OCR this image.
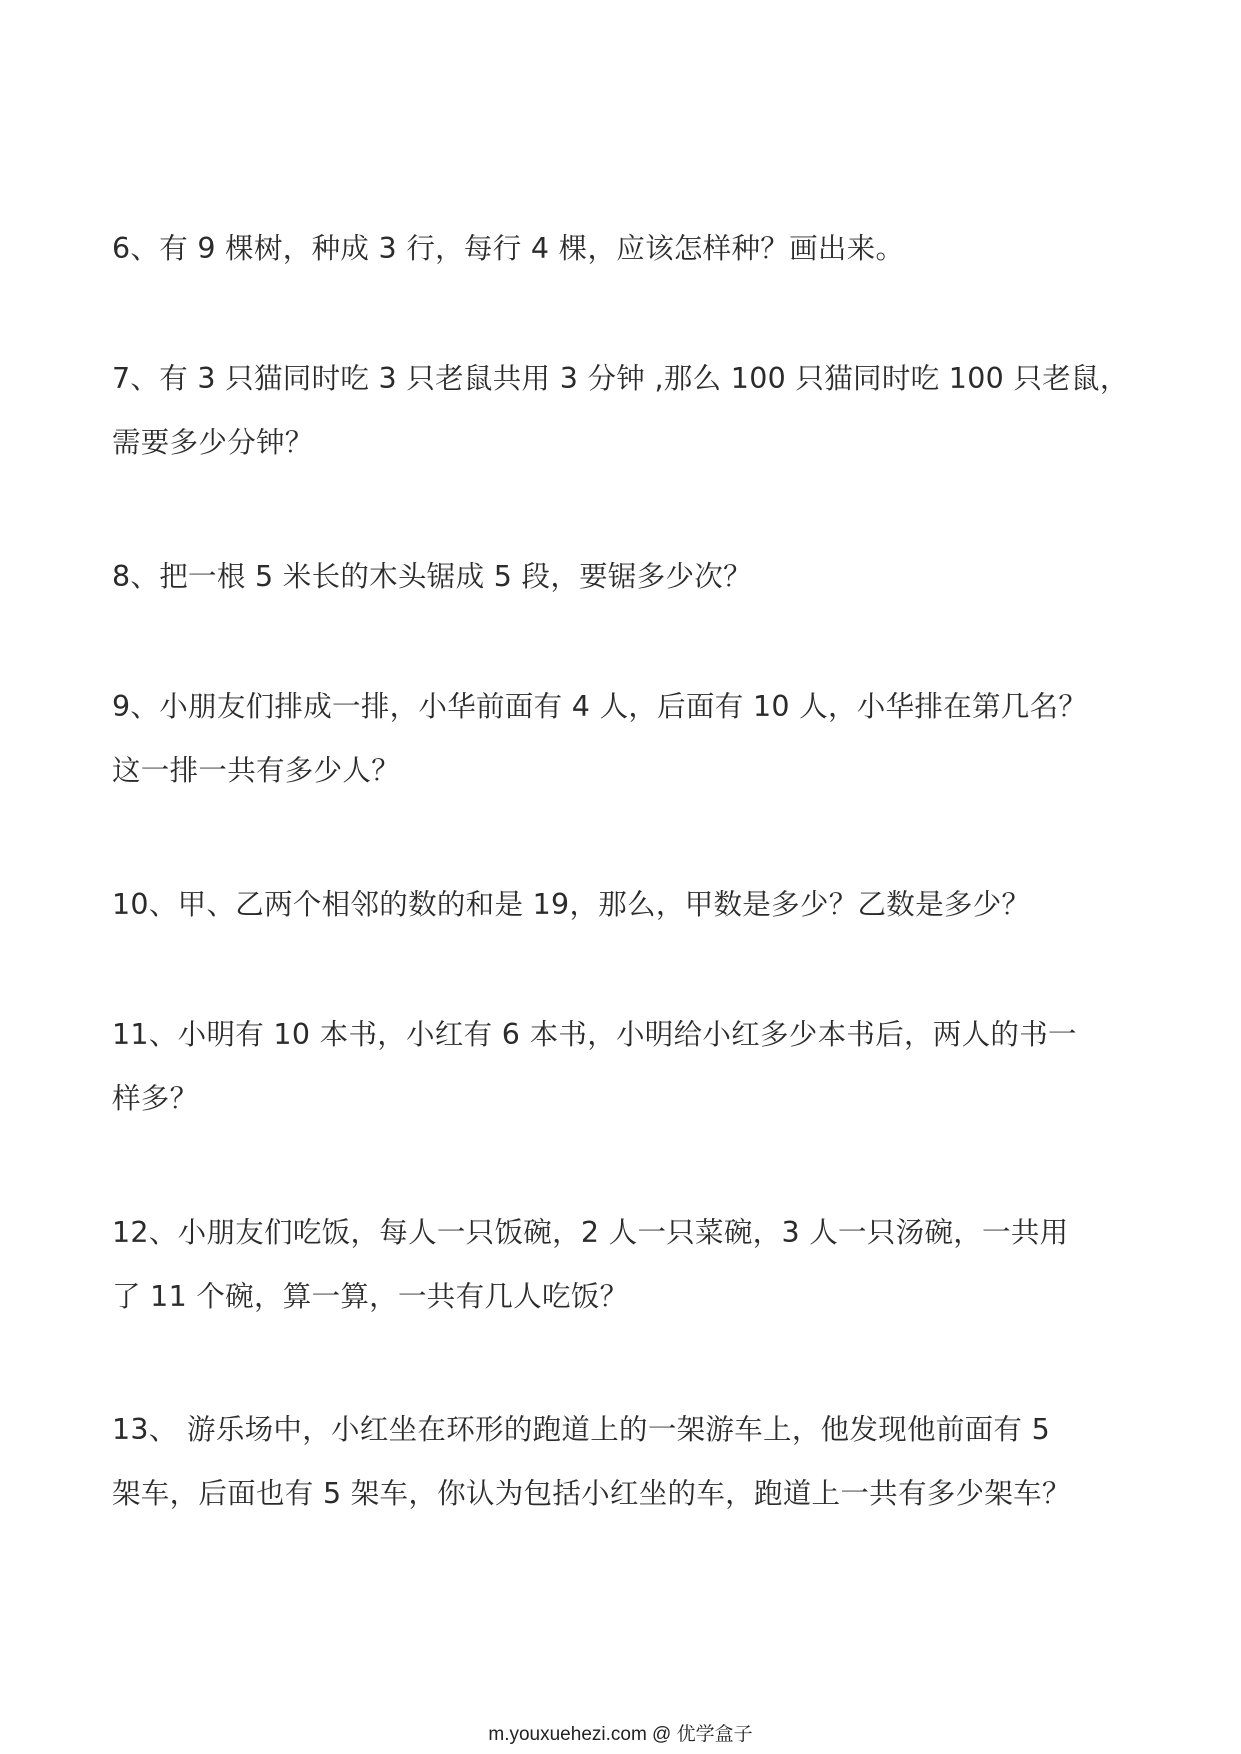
6、有 9 棵树，种成 3 行，每行 4 棵，应该怎样种？画出来。
7、有 3 只猫同时吃 3 只老鼠共用 3 分钟 ,那么 100 只猫同时吃 100 只老鼠，
需要多少分钟？
8、把一根 5 米长的木头锯成 5 段，要锯多少次？
9、小朋友们排成一排，小华前面有 4 人，后面有 10 人，小华排在第几名？
这一排一共有多少人？
10、甲、乙两个相邻的数的和是 19，那么，甲数是多少？乙数是多少？
11、小明有 10 本书，小红有 6 本书，小明给小红多少本书后，两人的书一
样多？
12、小朋友们吃饭，每人一只饭碗，2 人一只菜碗，3 人一只汤碗，一共用
了 11 个碗，算一算，一共有几人吃饭？
13、 游乐场中，小红坐在环形的跑道上的一架游车上，他发现他前面有 5
架车，后面也有 5 架车，你认为包括小红坐的车，跑道上一共有多少架车？
m.youxuehezi.com @ 优学盒子
